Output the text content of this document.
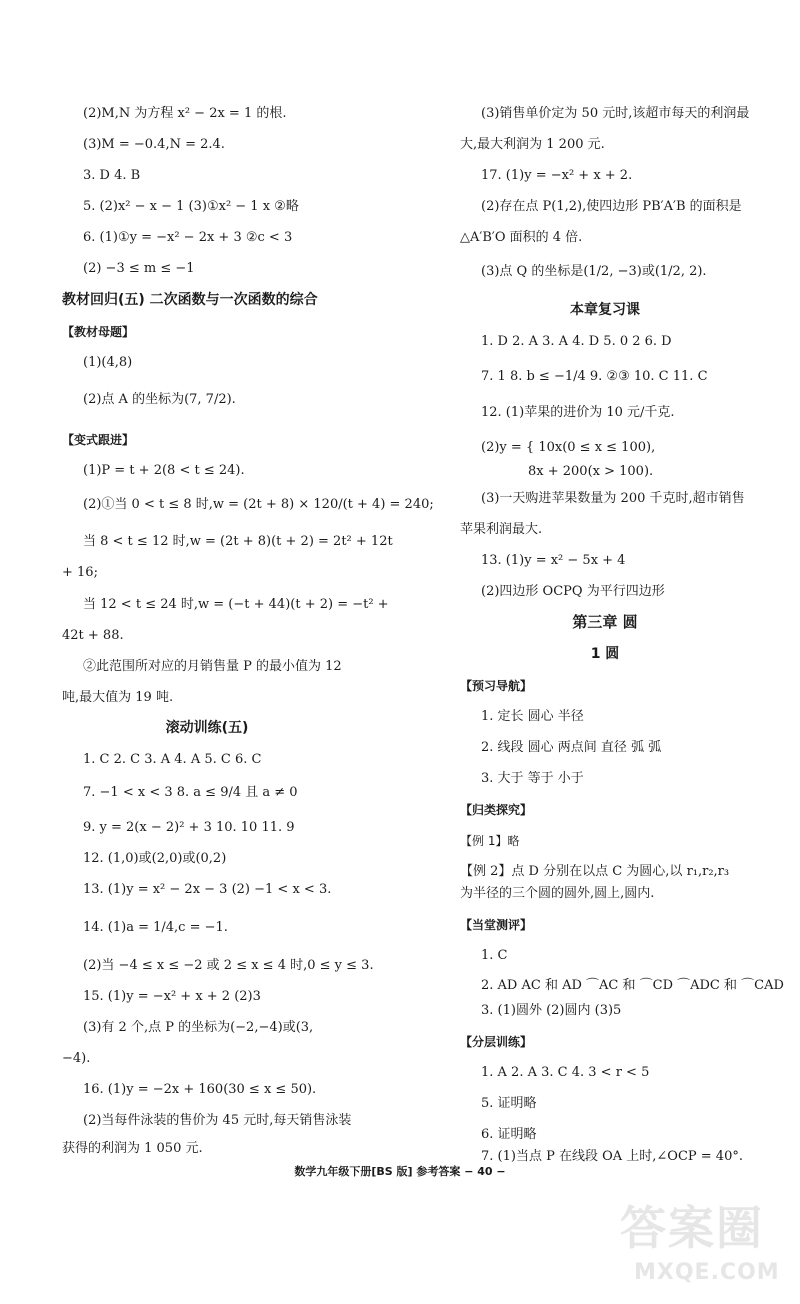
(2)M,N 为方程 x² − 2x = 1 的根.
(3)M = −0.4,N = 2.4.
3. D 4. B
5. (2)x² − x − 1 (3)①x² − 1 x ②略
6. (1)①y = −x² − 2x + 3 ②c < 3
(2) −3 ≤ m ≤ −1
教材回归(五) 二次函数与一次函数的综合
【教材母题】
(1)(4,8)
(2)点 A 的坐标为(7, 7/2).
【变式跟进】
(1)P = t + 2(8 < t ≤ 24).
(2)①当 0 < t ≤ 8 时,w = (2t + 8) × 120/(t + 4) = 240;
当 8 < t ≤ 12 时,w = (2t + 8)(t + 2) = 2t² + 12t
+ 16;
当 12 < t ≤ 24 时,w = (−t + 44)(t + 2) = −t² +
42t + 88.
②此范围所对应的月销售量 P 的最小值为 12
吨,最大值为 19 吨.
滚动训练(五)
1. C 2. C 3. A 4. A 5. C 6. C
7. −1 < x < 3 8. a ≤ 9/4 且 a ≠ 0
9. y = 2(x − 2)² + 3 10. 10 11. 9
12. (1,0)或(2,0)或(0,2)
13. (1)y = x² − 2x − 3 (2) −1 < x < 3.
14. (1)a = 1/4,c = −1.
(2)当 −4 ≤ x ≤ −2 或 2 ≤ x ≤ 4 时,0 ≤ y ≤ 3.
15. (1)y = −x² + x + 2 (2)3
(3)有 2 个,点 P 的坐标为(−2,−4)或(3,
−4).
16. (1)y = −2x + 160(30 ≤ x ≤ 50).
(2)当每件泳装的售价为 45 元时,每天销售泳装
获得的利润为 1 050 元.
(3)销售单价定为 50 元时,该超市每天的利润最
大,最大利润为 1 200 元.
17. (1)y = −x² + x + 2.
(2)存在点 P(1,2),使四边形 PB′A′B 的面积是
△A′B′O 面积的 4 倍.
(3)点 Q 的坐标是(1/2, −3)或(1/2, 2).
本章复习课
1. D 2. A 3. A 4. D 5. 0 2 6. D
7. 1 8. b ≤ −1/4 9. ②③ 10. C 11. C
12. (1)苹果的进价为 10 元/千克.
(2)y = { 10x(0 ≤ x ≤ 100),
8x + 200(x > 100).
(3)一天购进苹果数量为 200 千克时,超市销售
苹果利润最大.
13. (1)y = x² − 5x + 4
(2)四边形 OCPQ 为平行四边形
第三章 圆
1 圆
【预习导航】
1. 定长 圆心 半径
2. 线段 圆心 两点间 直径 弧 弧
3. 大于 等于 小于
【归类探究】
【例 1】略
【例 2】点 D 分别在以点 C 为圆心,以 r₁,r₂,r₃
为半径的三个圆的圆外,圆上,圆内.
【当堂测评】
1. C
2. AD AC 和 AD ⌒AC 和 ⌒CD ⌒ADC 和 ⌒CAD
3. (1)圆外 (2)圆内 (3)5
【分层训练】
1. A 2. A 3. C 4. 3 < r < 5
5. 证明略
6. 证明略
7. (1)当点 P 在线段 OA 上时,∠OCP = 40°.
数学九年级下册[BS 版] 参考答案 − 40 −
答案圈
MXQE.COM
